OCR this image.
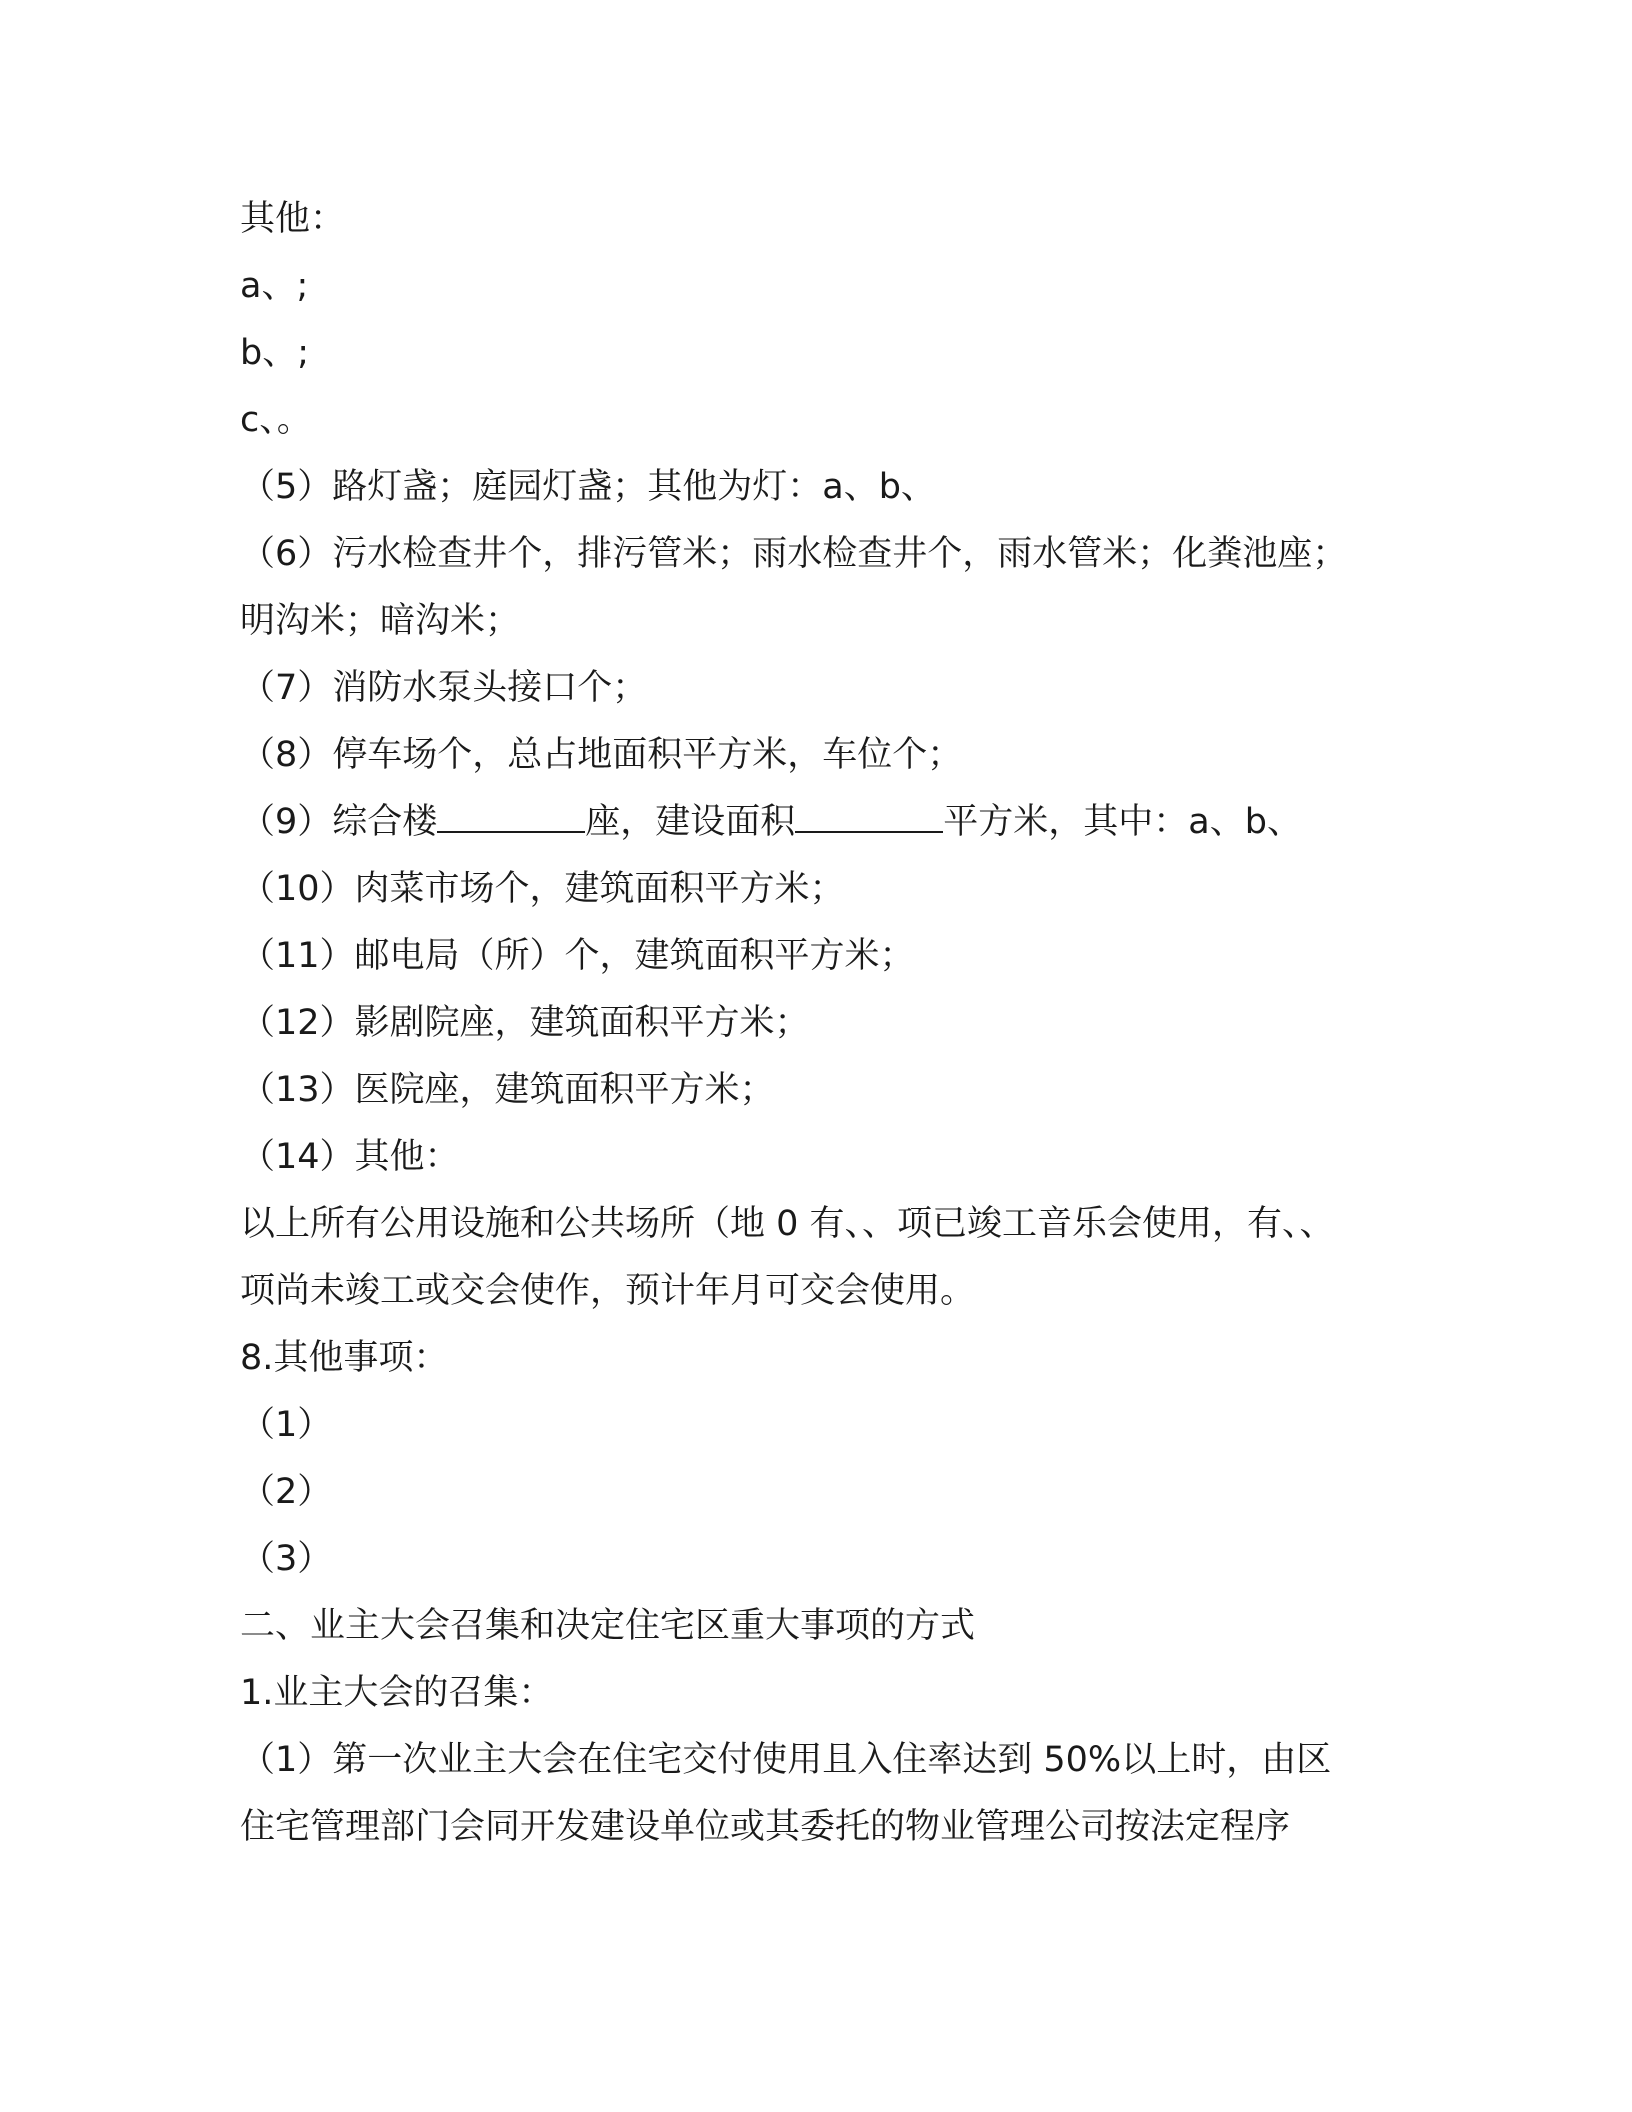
其他：
a、;
b、;
c、。
（5）路灯盏；庭园灯盏；其他为灯：a、b、
（6）污水检查井个，排污管米；雨水检查井个，雨水管米；化粪池座；
明沟米；暗沟米；
（7）消防水泵头接口个；
（8）停车场个，总占地面积平方米，车位个；
（9）综合楼	座，建设面积	平方米，其中：a、b、
（10）肉菜市场个，建筑面积平方米；
（11）邮电局（所）个，建筑面积平方米；
（12）影剧院座，建筑面积平方米；
（13）医院座，建筑面积平方米；
（14）其他：
以上所有公用设施和公共场所（地 0 有、、项已竣工音乐会使用，有、、
项尚未竣工或交会使作，预计年月可交会使用。
8.其他事项：
（1）
（2）
（3）
二、业主大会召集和决定住宅区重大事项的方式
1.业主大会的召集：
（1）第一次业主大会在住宅交付使用且入住率达到 50%以上时，由区
住宅管理部门会同开发建设单位或其委托的物业管理公司按法定程序
